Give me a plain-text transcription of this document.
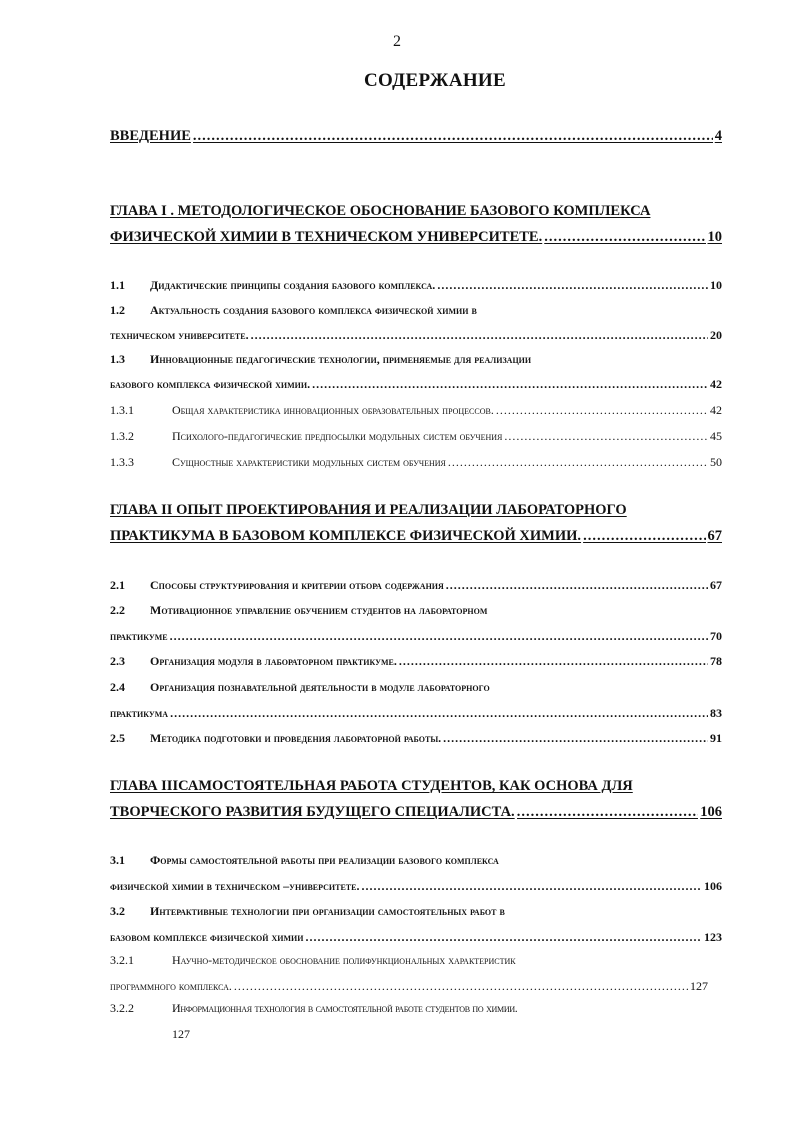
2
СОДЕРЖАНИЕ
ВВЕДЕНИЕ .....	4
ГЛАВА I . МЕТОДОЛОГИЧЕСКОЕ ОБОСНОВАНИЕ БАЗОВОГО КОМПЛЕКСА
ФИЗИЧЕСКОЙ ХИМИИ В ТЕХНИЧЕСКОМ УНИВЕРСИТЕТЕ. .....	10
1.1	Дидактические принципы создания базового комплекса. .....	10
1.2	Актуальность создания базового комплекса физической химии в
техническом университете. .....	20
1.3	Инновационные педагогические технологии, применяемые для реализации
базового комплекса физической химии. .....	42
1.3.1	Общая характеристика инновационных образовательных процессов. .....	42
1.3.2	Психолого-педагогические предпосылки модульных систем обучения .....	45
1.3.3	Сущностные характеристики модульных систем обучения .....	50
ГЛАВА II ОПЫТ ПРОЕКТИРОВАНИЯ И РЕАЛИЗАЦИИ ЛАБОРАТОРНОГО
ПРАКТИКУМА В БАЗОВОМ КОМПЛЕКСЕ ФИЗИЧЕСКОЙ ХИМИИ. .....	67
2.1	Способы структурирования и критерии отбора содержания .....	67
2.2	Мотивационное управление обучением студентов на лабораторном
практикуме .....	70
2.3	Организация модуля в лабораторном практикуме. .....	78
2.4	Организация познавательной деятельности в модуле лабораторного
практикума .....	83
2.5	Методика подготовки и проведения лабораторной работы. .....	91
ГЛАВА IIIСАМОСТОЯТЕЛЬНАЯ РАБОТА СТУДЕНТОВ, КАК ОСНОВА ДЛЯ
ТВОРЧЕСКОГО РАЗВИТИЯ БУДУЩЕГО СПЕЦИАЛИСТА. .....	106
3.1	Формы самостоятельной работы при реализации базового комплекса
физической химии в техническом –университете. .....	106
3.2	Интерактивные технологии при организации самостоятельных работ в
базовом комплексе физической химии .....	123
3.2.1	Научно-методическое обоснование полифункциональных характеристик
программного комплекса. .....	127
3.2.2	Информационная технология в самостоятельной работе студентов по химии.
127
